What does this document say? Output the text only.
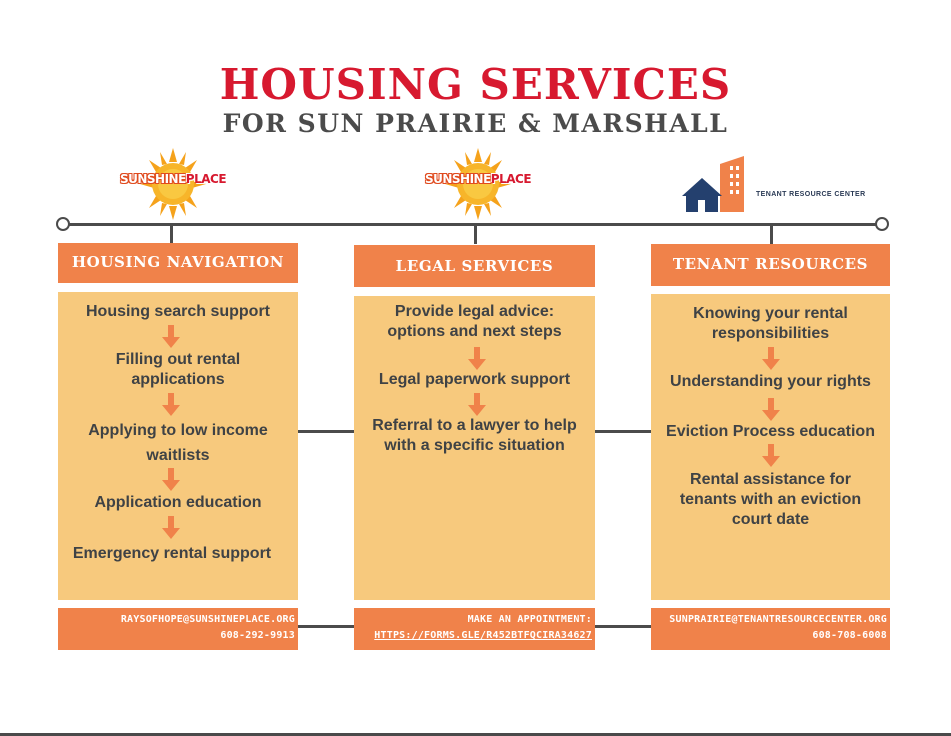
HOUSING SERVICES
FOR SUN PRAIRIE & MARSHALL
SUNSHINEPLACE	SUNSHINEPLACE
TENANT RESOURCE CENTER
HOUSING NAVIGATION
Housing search support
Filling out rental applications
Applying to low income waitlists
Application education
Emergency rental support
RAYSOFHOPE@SUNSHINEPLACE.ORG
608-292-9913
LEGAL SERVICES
Provide legal advice: options and next steps
Legal paperwork support
Referral to a lawyer to help with a specific situation
MAKE AN APPOINTMENT:
HTTPS://FORMS.GLE/R452BTFQCIRA34627
TENANT RESOURCES
Knowing your rental responsibilities
Understanding your rights
Eviction Process education
Rental assistance for tenants with an eviction court date
SUNPRAIRIE@TENANTRESOURCECENTER.ORG
608-708-6008
